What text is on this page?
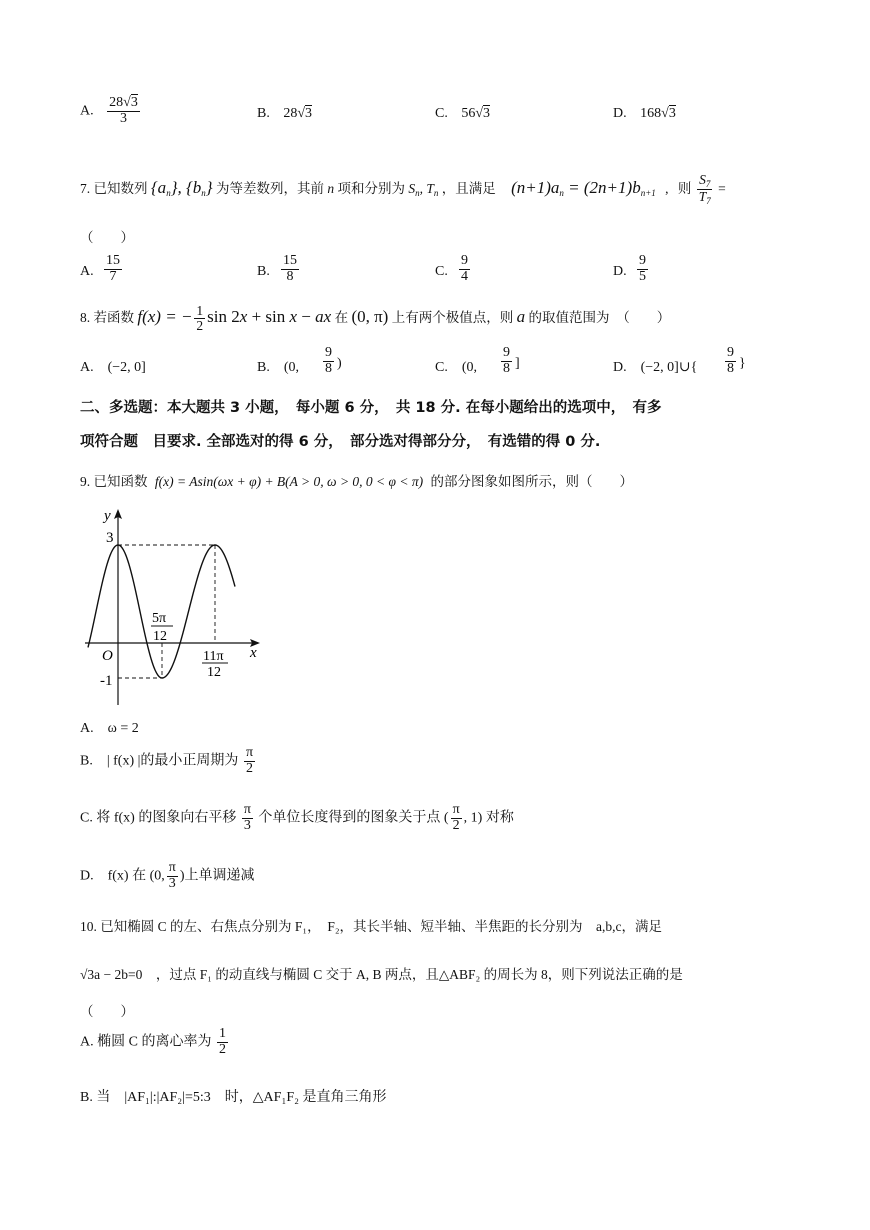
A. $\frac{28√3}{3}$	B. 28√3	C. 56√3	D. 168√3
7. 已知数列 $\{a_n\}$, $\{b_n\}$ 为等差数列，其前 n 项和分别为 $S_n$, $T_n$ ，且满足 $(n+1)a_n = (2n+1)b_{n+1}$ , 则 $\frac{S_7}{T_7}$ =
（　　）
A. $\frac{15}{7}$	B. $\frac{15}{8}$	C. $\frac{9}{4}$	D. $\frac{9}{5}$
8. 若函数 f(x) = − $\frac{1}{2}$ sin 2x + sin x − ax 在 (0, π) 上有两个极值点，则 a 的取值范围为　（　　）
A.　(−2, 0]	B.　(0, $\frac{9}{8}$ )	C.　(0, $\frac{9}{8}$ ]	D.　(−2, 0]∪{ $\frac{9}{8}$ }
二、多选题：本大题共 3 小题，　每小题 6 分，　共 18 分. 在每小题给出的选项中，　有多
项符合题　目要求. 全部选对的得 6 分，　部分选对得部分分，　有选错的得 0 分.
9. 已知函数 f(x) = Asin(ωx + φ) + B(A > 0, ω > 0, 0 < φ < π) 的部分图象如图所示，则（　　）
y
x
O
3
-1
5π
12
11π
12
A.　ω = 2
B.　| f(x) |的最小正周期为 $\frac{\pi}{2}$
C. 将 f(x) 的图象向右平移 $\frac{\pi}{3}$ 个单位长度得到的图象关于点 ( $\frac{\pi}{2}$ , 1) 对称
D.　f(x) 在 (0, $\frac{\pi}{3}$ )上单调递减
10. 已知椭圆 C 的左、右焦点分别为 F₁，　F₂，其长半轴、短半轴、半焦距的长分别为　a,b,c，满足
√3a − 2b=0　，过点 F₁ 的动直线与椭圆 C 交于 A, B 两点，且△ABF₂ 的周长为 8，则下列说法正确的是
（　　）
A. 椭圆 C 的离心率为 $\frac{1}{2}$
B. 当　|AF₁|:|AF₂|=5:3　时，△AF₁F₂ 是直角三角形
